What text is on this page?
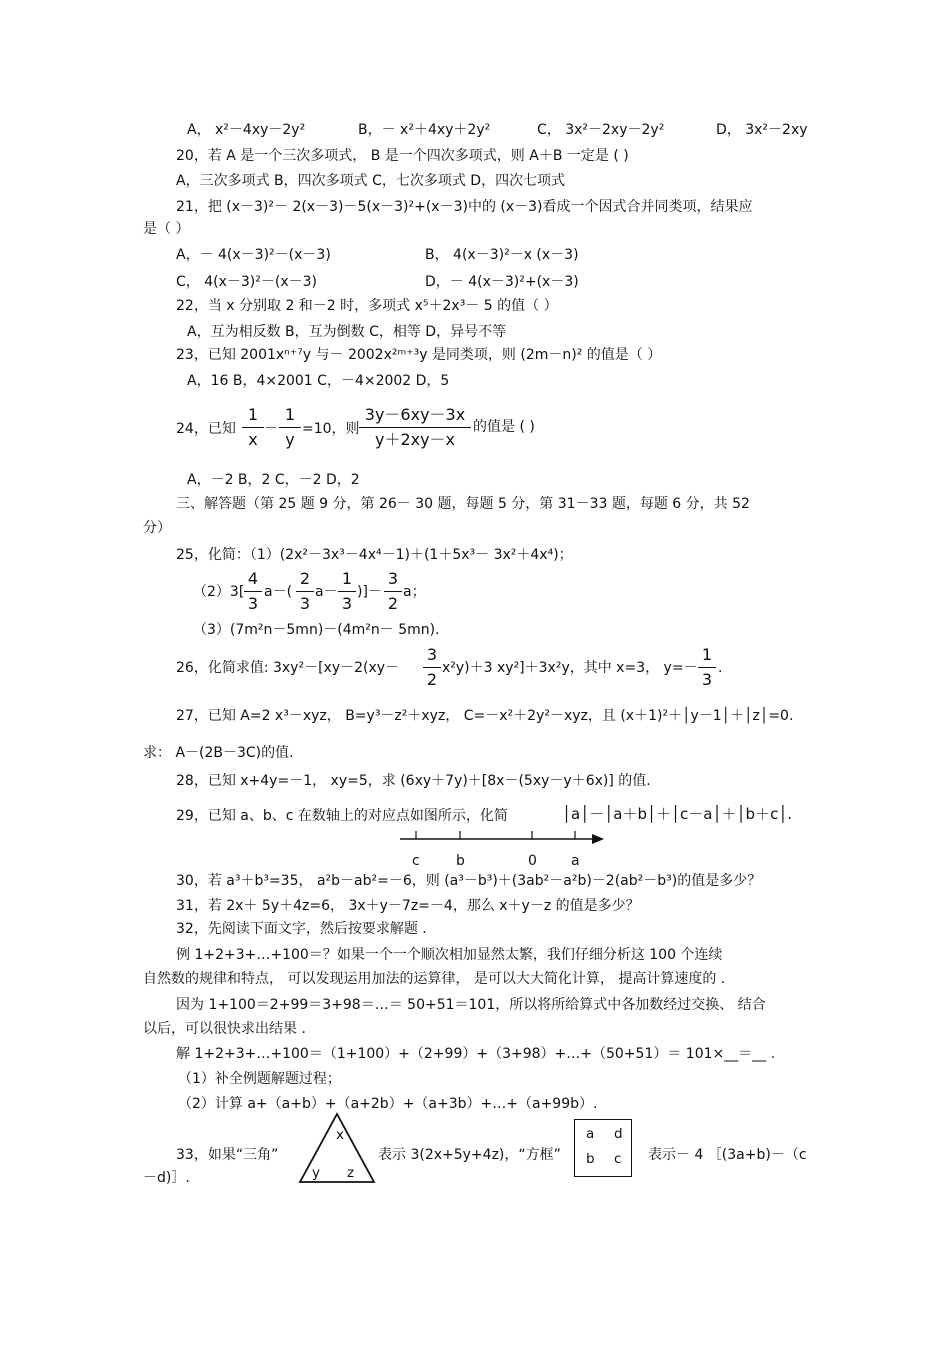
A， x²－4xy－2y²	B，－ x²＋4xy＋2y²	C， 3x²－2xy－2y²	D， 3x²－2xy
20，若 A 是一个三次多项式， B 是一个四次多项式，则 A＋B 一定是 ( )
A，三次多项式 B，四次多项式 C，七次多项式 D，四次七项式
21，把 (x－3)²－ 2(x－3)－5(x－3)²+(x－3)中的 (x－3)看成一个因式合并同类项，结果应
是（ ）
A，－ 4(x－3)²－(x－3)	B， 4(x－3)²－x (x－3)
C， 4(x－3)²－(x－3)	D，－ 4(x－3)²+(x－3)
22，当 x 分别取 2 和－2 时，多项式 x⁵＋2x³－ 5 的值（ ）
A，互为相反数 B，互为倒数 C，相等 D，异号不等
23，已知 2001xⁿ⁺⁷y 与－ 2002x²ᵐ⁺³y 是同类项，则 (2m－n)² 的值是（ ）
A，16 B，4×2001 C，－4×2002 D，5
24，已知
1
x
－
1
y
=10，则
3y－6xy－3x
y＋2xy－x
的值是 ( )
A，－2 B，2 C，－2 D，2
三、解答题（第 25 题 9 分，第 26－ 30 题，每题 5 分，第 31－33 题，每题 6 分，共 52
分）
25，化简：（1）(2x²－3x³－4x⁴－1)＋(1＋5x³－ 3x²＋4x⁴)；
（2）3[
4
3
a－(
2
3
a－
1
3
)]－
3
2
a；
（3）(7m²n－5mn)－(4m²n－ 5mn).
26，化简求值: 3xy²－[xy－2(xy－
3
2
x²y)＋3 xy²]＋3x²y，其中 x=3， y=－
1
3
.
27，已知 A=2 x³－xyz， B=y³－z²＋xyz， C=－x²＋2y²－xyz，且 (x＋1)²＋│y－1│＋│z│=0.
求： A－(2B－3C)的值.
28，已知 x+4y=－1， xy=5，求 (6xy＋7y)＋[8x－(5xy－y＋6x)] 的值.
29，已知 a、b、c 在数轴上的对应点如图所示，化简	│a│－│a＋b│＋│c－a│＋│b＋c│.
c	b	0 a
30，若 a³＋b³=35， a²b－ab²=－6，则 (a³－b³)＋(3ab²－a²b)－2(ab²－b³)的值是多少？
31，若 2x＋ 5y＋4z=6， 3x＋y－7z=－4，那么 x＋y－z 的值是多少？
32，先阅读下面文字，然后按要求解题 .
例 1+2+3+…+100＝？如果一个一个顺次相加显然太繁，我们仔细分析这 100 个连续
自然数的规律和特点， 可以发现运用加法的运算律， 是可以大大简化计算， 提高计算速度的 .
因为 1+100＝2+99＝3+98＝…＝ 50+51＝101，所以将所给算式中各加数经过交换、 结合
以后，可以很快求出结果 .
解 1+2+3+…+100＝（1+100）+（2+99）+（3+98）+…+（50+51）＝ 101×__＝__ .
（1）补全例题解题过程；
（2）计算 a+（a+b）+（a+2b）+（a+3b）+…+（a+99b）.
33，如果“三角”
x
y z
表示 3(2x+5y+4z)，“方框”
a d
b c 表示－ 4 ［(3a+b)－（c
－d)］.
